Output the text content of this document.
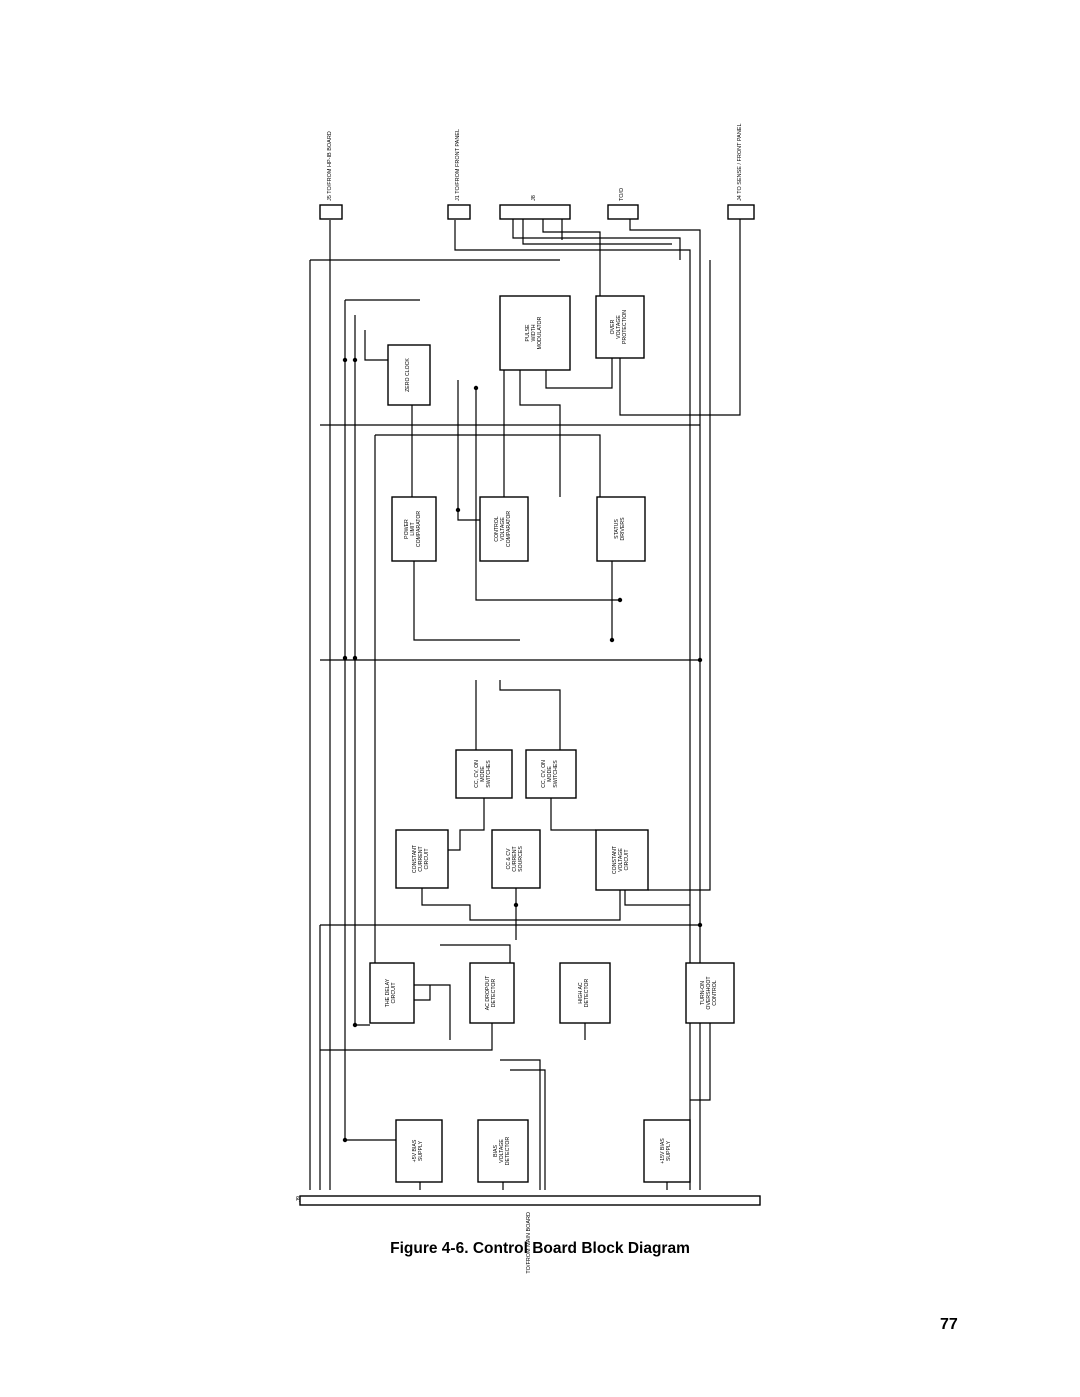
ZERO CLOCK
PULSEWIDTHMODULATOR	OVERVOLTAGEPROTECTION
POWERLIMITCOMPARATOR	CONTROLVOLTAGECOMPARATOR	STATUSDRIVERS
CC, CV, ONMODESWITCHES	CC, CV, ONMODESWITCHES
CONSTANTCURRENTCIRCUIT	CC & CVCURRENTSOURCES	CONSTANTVOLTAGECIRCUIT
THE DELAYCIRCUIT	AC DROPOUTDETECTOR	HIGH ACDETECTOR	TURN-ONOVERSHOOTCONTROL
+5V BIASSUPPLY	BIASVOLTAGEDETECTOR	+15V BIASSUPPLY
J5 TO/FROM HP-IB BOARD	J1 TO/FROM FRONT PANEL	J8	TO/D	J4 TO SENSE / FRONT PANEL
TO/FROM MAIN BOARD
J9
Figure 4-6. Control Board Block Diagram
77
